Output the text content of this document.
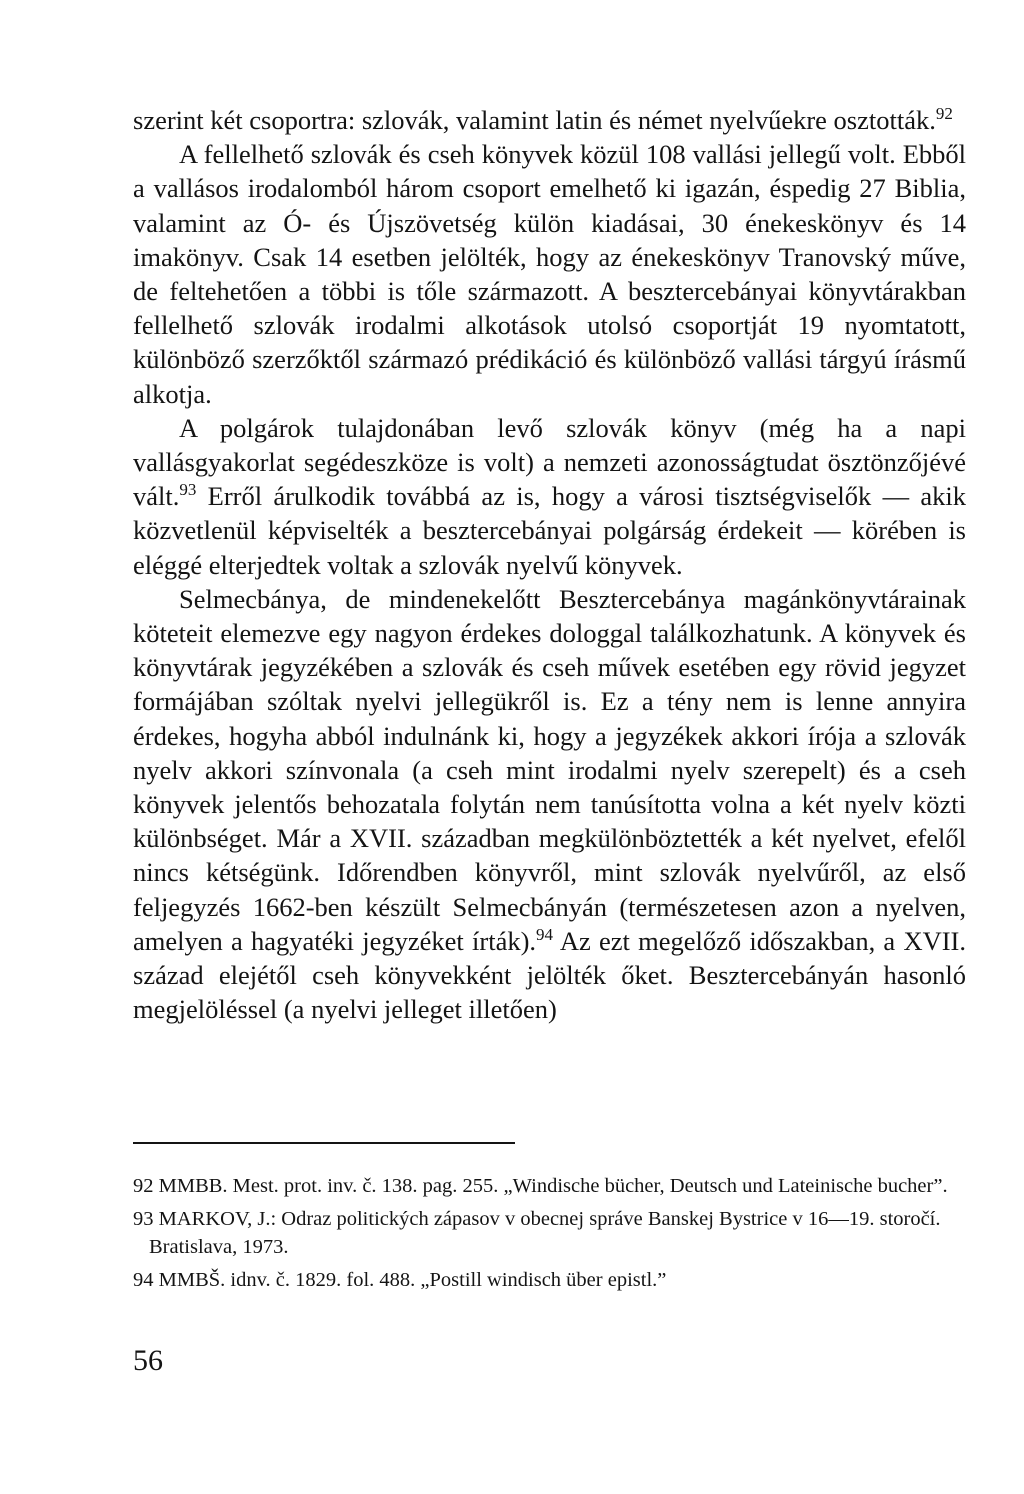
szerint két csoportra: szlovák, valamint latin és német nyelvűekre osztották.$^{92}$

A fellelhető szlovák és cseh könyvek közül 108 vallási jellegű volt. Ebből a vallásos irodalomból három csoport emelhető ki igazán, éspedig 27 Biblia, valamint az Ó- és Újszövetség külön kiadásai, 30 énekeskönyv és 14 imakönyv. Csak 14 esetben jelölték, hogy az énekeskönyv Tranovský műve, de feltehetően a többi is tőle származott. A besztercebányai könyvtárakban fellelhető szlovák irodalmi alkotások utolsó csoportját 19 nyomtatott, különböző szerzőktől származó prédikáció és különböző vallási tárgyú írásmű alkotja.

A polgárok tulajdonában levő szlovák könyv (még ha a napi vallásgyakorlat segédeszköze is volt) a nemzeti azonosságtudat ösztönzőjévé vált.$^{93}$ Erről árulkodik továbbá az is, hogy a városi tisztségviselők — akik közvetlenül képviselték a besztercebányai polgárság érdekeit — körében is eléggé elterjedtek voltak a szlovák nyelvű könyvek.

Selmecbánya, de mindenekelőtt Besztercebánya magánkönyvtárainak köteteit elemezve egy nagyon érdekes dologgal találkozhatunk. A könyvek és könyvtárak jegyzékében a szlovák és cseh művek esetében egy rövid jegyzet formájában szóltak nyelvi jellegükről is. Ez a tény nem is lenne annyira érdekes, hogyha abból indulnánk ki, hogy a jegyzékek akkori írója a szlovák nyelv akkori színvonala (a cseh mint irodalmi nyelv szerepelt) és a cseh könyvek jelentős behozatala folytán nem tanúsította volna a két nyelv közti különbséget. Már a XVII. században megkülönböztették a két nyelvet, efelől nincs kétségünk. Időrendben könyvről, mint szlovák nyelvűről, az első feljegyzés 1662-ben készült Selmecbányán (természetesen azon a nyelven, amelyen a hagyatéki jegyzéket írták).$^{94}$ Az ezt megelőző időszakban, a XVII. század elejétől cseh könyvekként jelölték őket. Besztercebányán hasonló megjelöléssel (a nyelvi jelleget illetően)

92 MMBB. Mest. prot. inv. č. 138. pag. 255. „Windische bücher, Deutsch und Lateinische bucher”.

93 MARKOV, J.: Odraz politických zápasov v obecnej správe Banskej Bystrice v 16—19. storočí. Bratislava, 1973.

94 MMBŠ. idnv. č. 1829. fol. 488. „Postill windisch über epistl.”

56
